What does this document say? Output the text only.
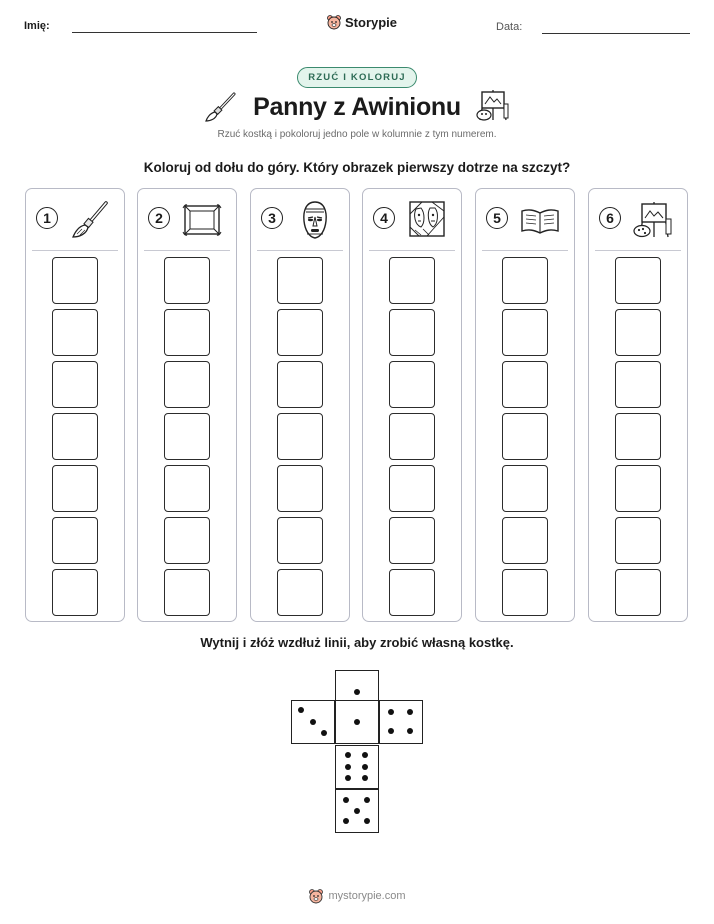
Imię:	Storypie	Data:
RZUĆ I KOLORUJ
Panny z Awinionu
Rzuć kostką i pokoloruj jedno pole w kolumnie z tym numerem.
Koloruj od dołu do góry. Który obrazek pierwszy dotrze na szczyt?
1	2	3	4	5	6
Wytnij i złóż wzdłuż linii, aby zrobić własną kostkę.
mystorypie.com
